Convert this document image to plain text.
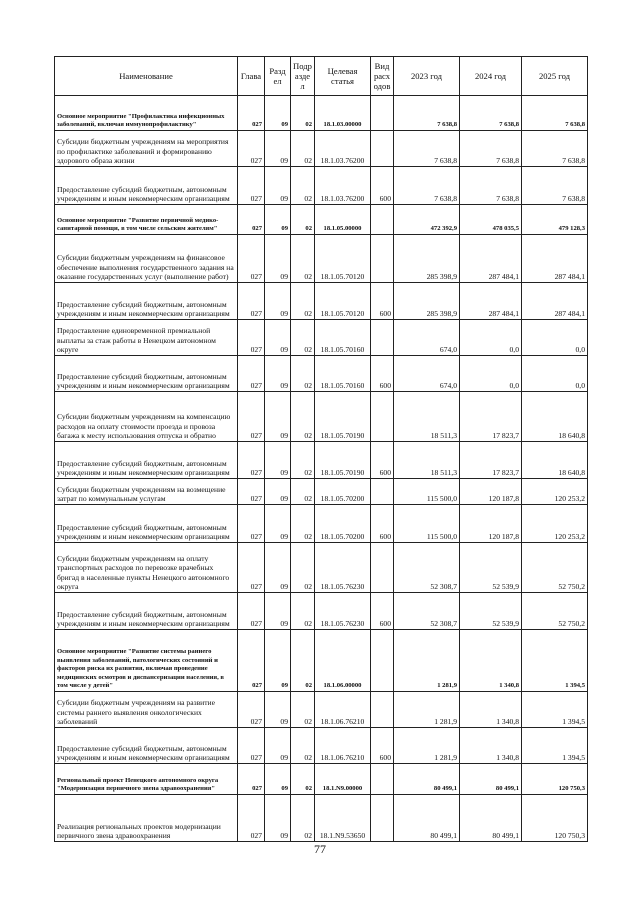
Наименование	Глава	Разд ел	Подр азде л	Целевая статья	Вид расх одов	2023 год	2024 год	2025 год
Основное мероприятие "Профилактика инфекционных заболеваний, включая иммунопрофилактику"	027	09	02	18.1.03.00000		7 638,8	7 638,8	7 638,8
Субсидии бюджетным учреждениям на мероприятия по профилактике заболеваний и формированию здорового образа жизни	027	09	02	18.1.03.76200		7 638,8	7 638,8	7 638,8
Предоставление субсидий бюджетным, автономным учреждениям и иным некоммерческим организациям	027	09	02	18.1.03.76200	600	7 638,8	7 638,8	7 638,8
Основное мероприятие "Развитие первичной медико-санитарной помощи, в том числе сельским жителям"	027	09	02	18.1.05.00000		472 392,9	478 035,5	479 128,3
Субсидии бюджетным учреждениям на финансовое обеспечение выполнения государственного задания на оказание государственных услуг (выполнение работ)	027	09	02	18.1.05.70120		285 398,9	287 484,1	287 484,1
Предоставление субсидий бюджетным, автономным учреждениям и иным некоммерческим организациям	027	09	02	18.1.05.70120	600	285 398,9	287 484,1	287 484,1
Предоставление единовременной премиальной выплаты за стаж работы в Ненецком автономном округе	027	09	02	18.1.05.70160		674,0	0,0	0,0
Предоставление субсидий бюджетным, автономным учреждениям и иным некоммерческим организациям	027	09	02	18.1.05.70160	600	674,0	0,0	0,0
Субсидии бюджетным учреждениям на компенсацию расходов на оплату стоимости проезда и провоза багажа к месту использования отпуска и обратно	027	09	02	18.1.05.70190		18 511,3	17 823,7	18 640,8
Предоставление субсидий бюджетным, автономным учреждениям и иным некоммерческим организациям	027	09	02	18.1.05.70190	600	18 511,3	17 823,7	18 640,8
Субсидии бюджетным учреждениям на возмещение затрат по коммунальным услугам	027	09	02	18.1.05.70200		115 500,0	120 187,8	120 253,2
Предоставление субсидий бюджетным, автономным учреждениям и иным некоммерческим организациям	027	09	02	18.1.05.70200	600	115 500,0	120 187,8	120 253,2
Субсидии бюджетным учреждениям на оплату транспортных расходов по перевозке врачебных бригад в населенные пункты Ненецкого автономного округа	027	09	02	18.1.05.76230		52 308,7	52 539,9	52 750,2
Предоставление субсидий бюджетным, автономным учреждениям и иным некоммерческим организациям	027	09	02	18.1.05.76230	600	52 308,7	52 539,9	52 750,2
Основное мероприятие "Развитие системы раннего выявления заболеваний, патологических состояний и факторов риска их развития, включая проведение медицинских осмотров и диспансеризации населения, в том числе у детей"	027	09	02	18.1.06.00000		1 281,9	1 340,8	1 394,5
Субсидии бюджетным учреждениям на развитие системы раннего выявления онкологических заболеваний	027	09	02	18.1.06.76210		1 281,9	1 340,8	1 394,5
Предоставление субсидий бюджетным, автономным учреждениям и иным некоммерческим организациям	027	09	02	18.1.06.76210	600	1 281,9	1 340,8	1 394,5
Региональный проект Ненецкого автономного округа "Модернизация первичного звена здравоохранения"	027	09	02	18.1.N9.00000		80 499,1	80 499,1	120 750,3
Реализация региональных проектов модернизации первичного звена здравоохранения	027	09	02	18.1.N9.53650		80 499,1	80 499,1	120 750,3
77
